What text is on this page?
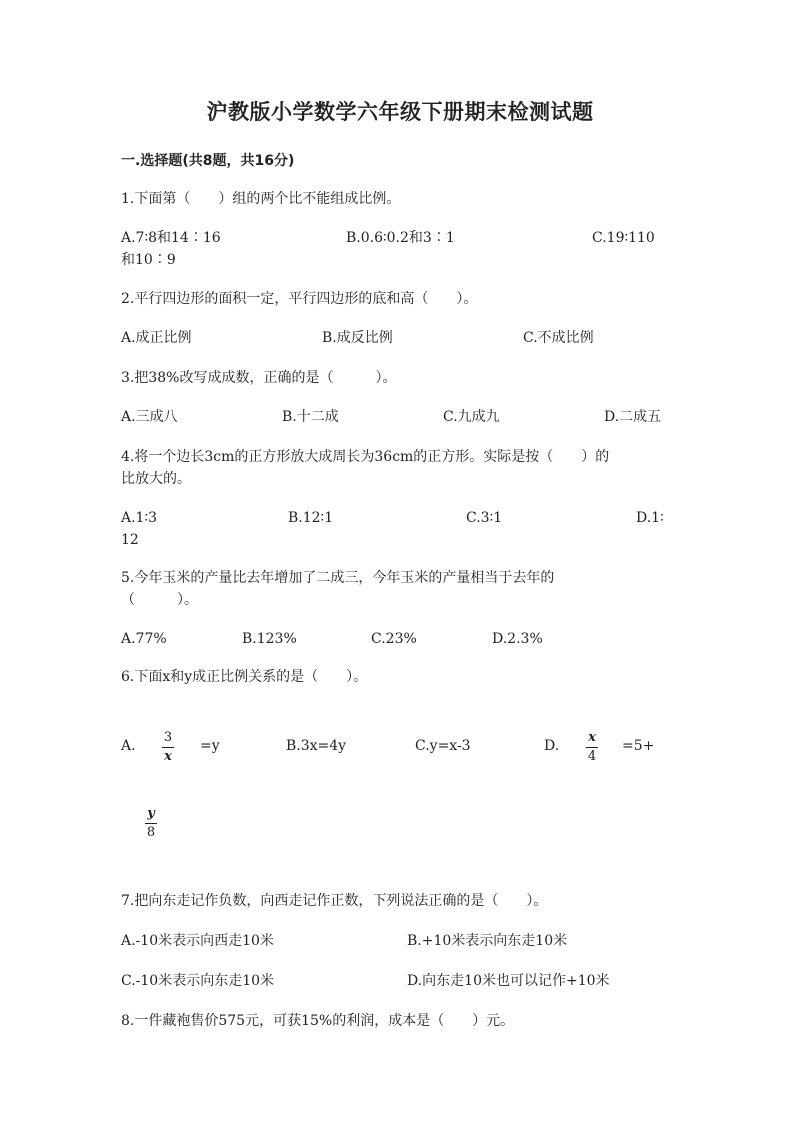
沪教版小学数学六年级下册期末检测试题
一.选择题(共8题，共16分)
1.下面第（　　）组的两个比不能组成比例。
A.7∶8和14∶16	B.0.6∶0.2和3∶1	C.19∶110
和10∶9
2.平行四边形的面积一定，平行四边形的底和高（　　）。
A.成正比例	B.成反比例	C.不成比例
3.把38%改写成成数，正确的是（　　　）。
A.三成八	B.十二成	C.九成九	D.二成五
4.将一个边长3cm的正方形放大成周长为36cm的正方形。实际是按（　　）的
比放大的。
A.1∶3	B.12∶1	C.3∶1	D.1∶
12
5.今年玉米的产量比去年增加了二成三，今年玉米的产量相当于去年的
（　　　）。
A.77%	B.123%	C.23%	D.2.3%
6.下面x和y成正比例关系的是（　　）。
A.
3
x
=y	B.3x=4y	C.y=x-3	D.
x
4
=5+
y
8
7.把向东走记作负数，向西走记作正数，下列说法正确的是（　　）。
A.-10米表示向西走10米	B.+10米表示向东走10米
C.-10米表示向东走10米	D.向东走10米也可以记作+10米
8.一件藏袍售价575元，可获15%的利润，成本是（　　）元。
